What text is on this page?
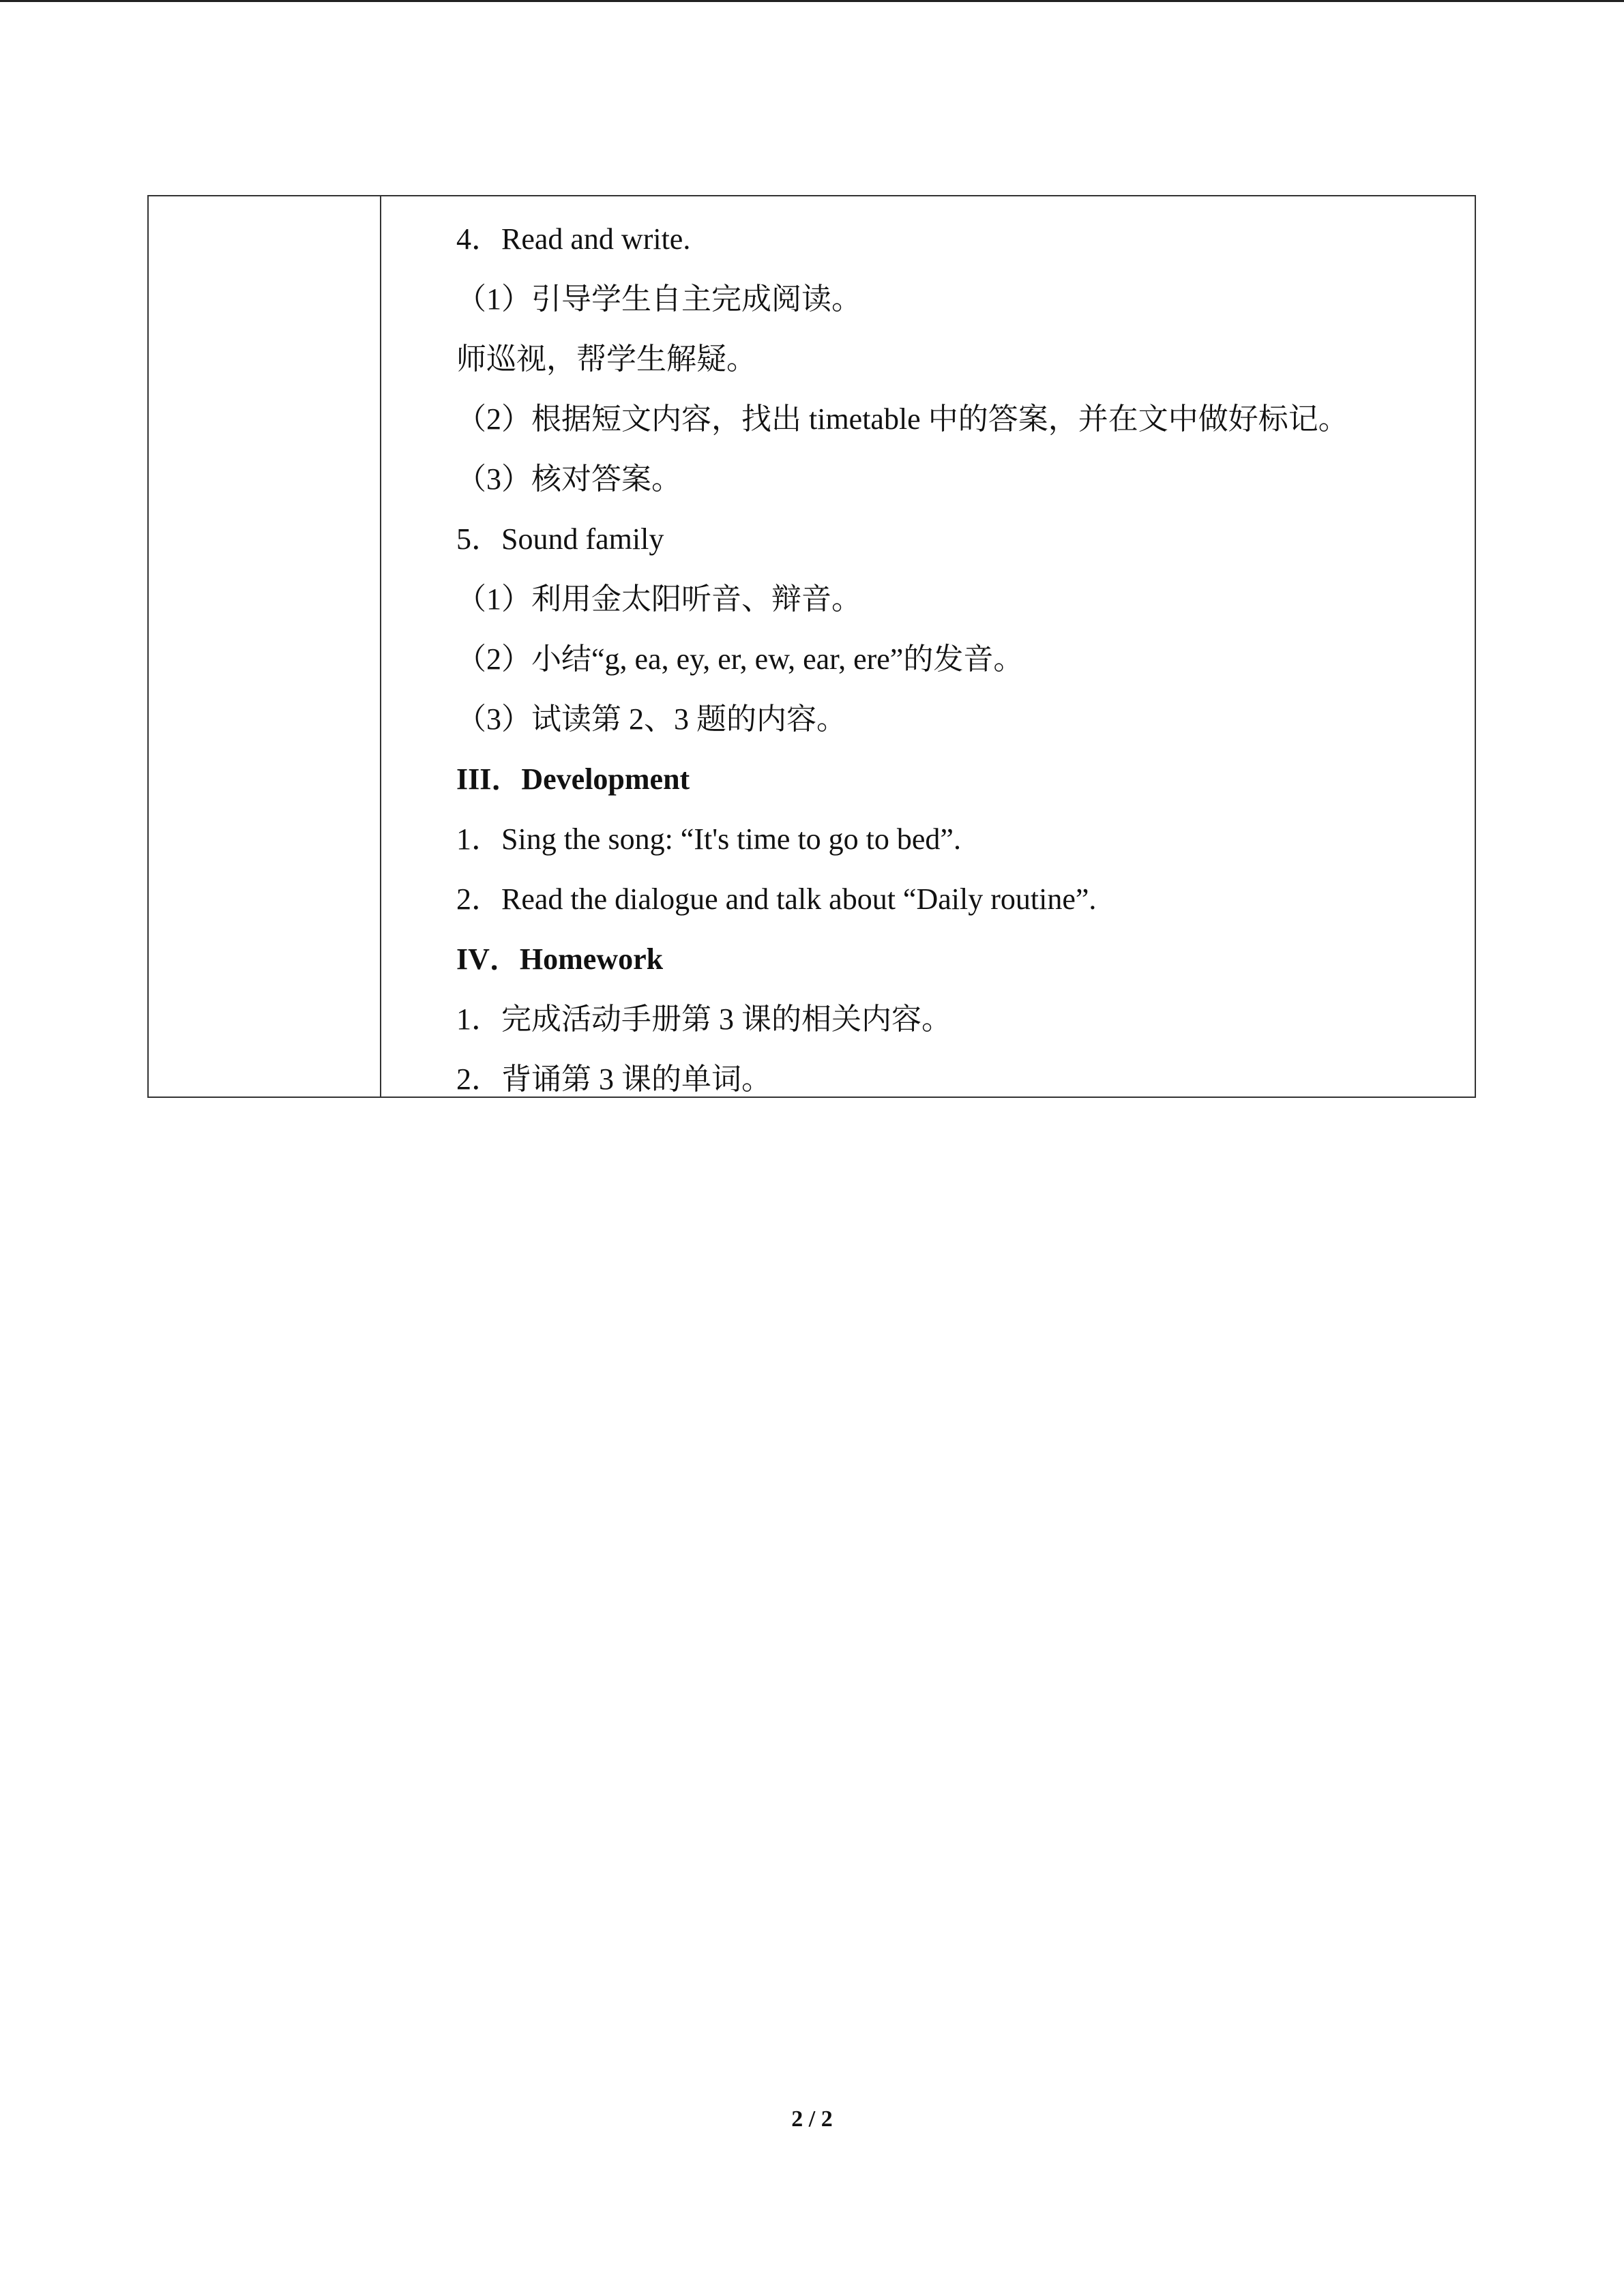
4．Read and write.
（1）引导学生自主完成阅读。
师巡视，帮学生解疑。
（2）根据短文内容，找出 timetable 中的答案，并在文中做好标记。
（3）核对答案。
5．Sound family
（1）利用金太阳听音、辩音。
（2）小结“g, ea, ey, er, ew, ear, ere”的发音。
（3）试读第 2、3 题的内容。
III．Development
1．Sing the song: “It's time to go to bed”.
2．Read the dialogue and talk about “Daily routine”.
IV．Homework
1．完成活动手册第 3 课的相关内容。
2．背诵第 3 课的单词。
2 / 2
